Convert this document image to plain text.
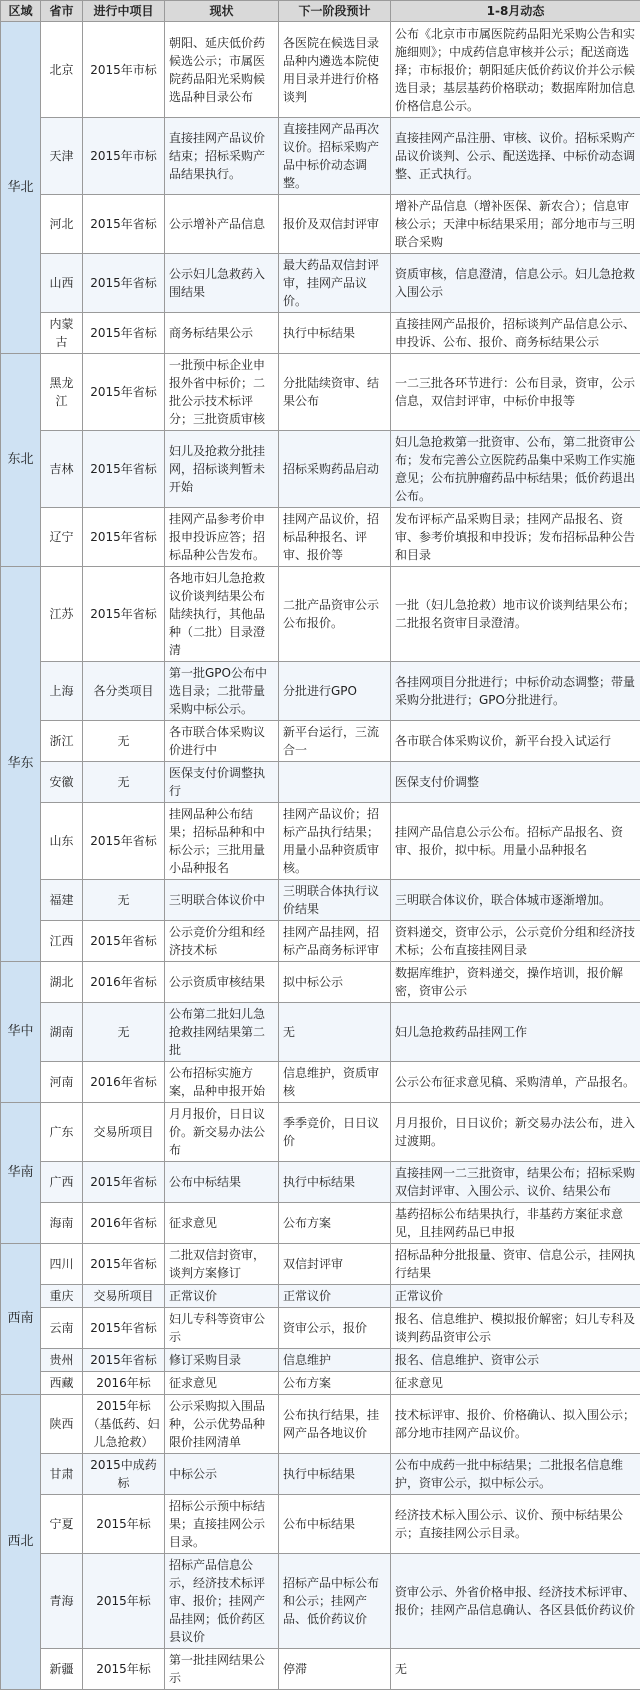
区域	省市	进行中项目	现状	下一阶段预计	1-8月动态
华北	北京	2015年市标	朝阳、延庆低价药候选公示；市属医院药品阳光采购候选品种目录公布	各医院在候选目录品种内遴选本院使用目录并进行价格谈判	公布《北京市市属医院药品阳光采购公告和实施细则》；中成药信息审核并公示；配送商选择；市标报价；朝阳延庆低价药议价并公示候选目录；基层基药价格联动；数据库附加信息价格信息公示。
	天津	2015年市标	直接挂网产品议价结束；招标采购产品结果执行。	直接挂网产品再次议价。招标采购产品中标价动态调整。	直接挂网产品注册、审核、议价。招标采购产品议价谈判、公示、配送选择、中标价动态调整、正式执行。
	河北	2015年省标	公示增补产品信息	报价及双信封评审	增补产品信息（增补医保、新农合）；信息审核公示；天津中标结果采用；部分地市与三明联合采购
	山西	2015年省标	公示妇儿急救药入围结果	最大药品双信封评审，挂网产品议价。	资质审核，信息澄清，信息公示。妇儿急抢救入围公示
	内蒙古	2015年省标	商务标结果公示	执行中标结果	直接挂网产品报价，招标谈判产品信息公示、申投诉、公布、报价、商务标结果公示
东北	黑龙江	2015年省标	一批预中标企业申报外省中标价；二批公示技术标评分；三批资质审核	分批陆续资审、结果公布	一二三批各环节进行：公布目录，资审，公示信息，双信封评审，中标价申报等
	吉林	2015年省标	妇儿及抢救分批挂网，招标谈判暂未开始	招标采购药品启动	妇儿急抢救第一批资审、公布，第二批资审公布；发布完善公立医院药品集中采购工作实施意见；公布抗肿瘤药品中标结果；低价药退出公布。
	辽宁	2015年省标	挂网产品参考价申报申投诉应答；招标品种公告发布。	挂网产品议价，招标品种报名、评审、报价等	发布评标产品采购目录；挂网产品报名、资审、参考价填报和申投诉；发布招标品种公告和目录
华东	江苏	2015年省标	各地市妇儿急抢救议价谈判结果公布陆续执行，其他品种（二批）目录澄清	二批产品资审公示公布报价。	一批（妇儿急抢救）地市议价谈判结果公布；二批报名资审目录澄清。
	上海	各分类项目	第一批GPO公布中选目录；二批带量采购中标公示。	分批进行GPO	各挂网项目分批进行；中标价动态调整；带量采购分批进行；GPO分批进行。
	浙江	无	各市联合体采购议价进行中	新平台运行，三流合一	各市联合体采购议价，新平台投入试运行
	安徽	无	医保支付价调整执行		医保支付价调整
	山东	2015年省标	挂网品种公布结果；招标品种和中标公示；三批用量小品种报名	挂网产品议价；招标产品执行结果；用量小品种资质审核。	挂网产品信息公示公布。招标产品报名、资审、报价，拟中标。用量小品种报名
	福建	无	三明联合体议价中	三明联合体执行议价结果	三明联合体议价，联合体城市逐渐增加。
	江西	2015年省标	公示竞价分组和经济技术标	挂网产品挂网，招标产品商务标评审	资料递交，资审公示，公示竞价分组和经济技术标；公布直接挂网目录
华中	湖北	2016年省标	公示资质审核结果	拟中标公示	数据库维护，资料递交，操作培训，报价解密，资审公示
	湖南	无	公布第二批妇儿急抢救挂网结果第二批	无	妇儿急抢救药品挂网工作
	河南	2016年省标	公布招标实施方案，品种申报开始	信息维护，资质审核	公示公布征求意见稿、采购清单，产品报名。
华南	广东	交易所项目	月月报价，日日议价。新交易办法公布	季季竞价，日日议价	月月报价，日日议价；新交易办法公布，进入过渡期。
	广西	2015年省标	公布中标结果	执行中标结果	直接挂网一二三批资审，结果公布；招标采购双信封评审、入围公示、议价、结果公布
	海南	2016年省标	征求意见	公布方案	基药招标公布结果执行，非基药方案征求意见，且挂网药品已申报
西南	四川	2015年省标	二批双信封资审，谈判方案修订	双信封评审	招标品种分批报量、资审、信息公示，挂网执行结果
	重庆	交易所项目	正常议价	正常议价	正常议价
	云南	2015年省标	妇儿专科等资审公示	资审公示，报价	报名、信息维护、模拟报价解密；妇儿专科及谈判药品资审公示
	贵州	2015年省标	修订采购目录	信息维护	报名、信息维护、资审公示
	西藏	2016年标	征求意见	公布方案	征求意见
西北	陕西	2015年标（基低药、妇儿急抢救）	公示采购拟入围品种，公示优势品种限价挂网清单	公布执行结果，挂网产品各地议价	技术标评审、报价、价格确认、拟入围公示；部分地市挂网产品议价。
	甘肃	2015中成药标	中标公示	执行中标结果	公布中成药一批中标结果；二批报名信息维护，资审公示，拟中标公示。
	宁夏	2015年标	招标公示预中标结果；直接挂网公示目录。	公布中标结果	经济技术标入围公示、议价、预中标结果公示；直接挂网公示目录。
	青海	2015年标	招标产品信息公示，经济技术标评审、报价；挂网产品挂网；低价药区县议价	招标产品中标公布和公示；挂网产品、低价药议价	资审公示、外省价格申报、经济技术标评审、报价；挂网产品信息确认、各区县低价药议价
	新疆	2015年标	第一批挂网结果公示	停滞	无
